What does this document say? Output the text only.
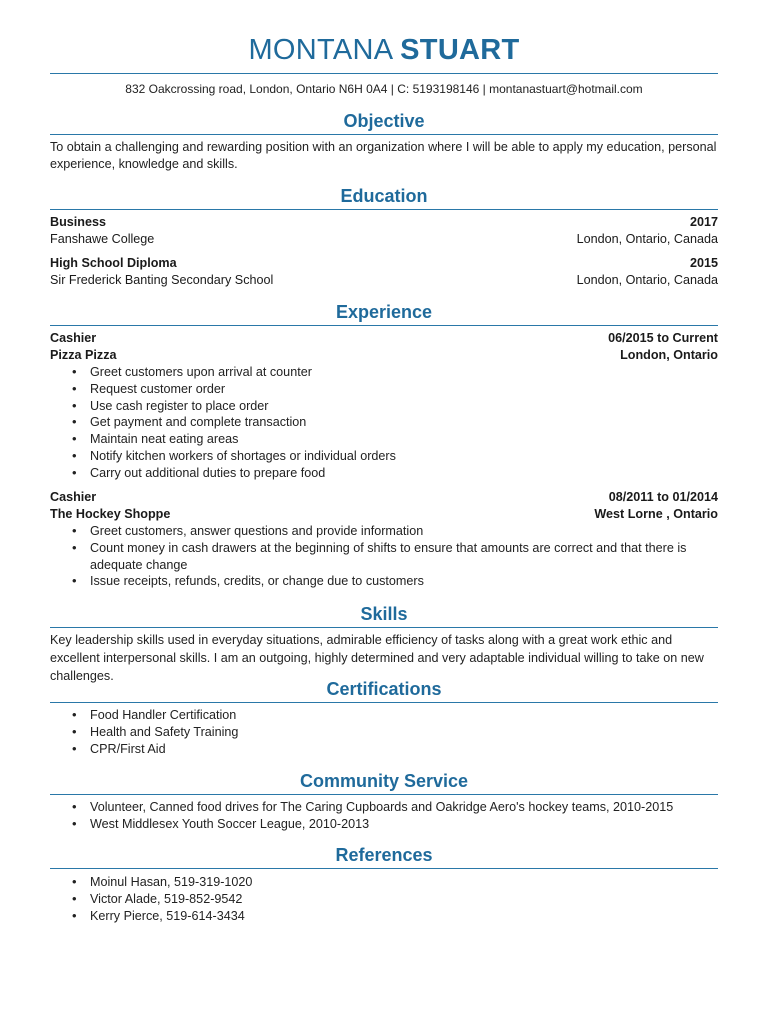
MONTANA STUART
832 Oakcrossing road, London, Ontario N6H 0A4 | C: 5193198146 | montanastuart@hotmail.com
Objective
To obtain a challenging and rewarding position with an organization where I will be able to apply my education, personal experience, knowledge and skills.
Education
Business	2017
Fanshawe College	London, Ontario, Canada
High School Diploma	2015
Sir Frederick Banting Secondary School	London, Ontario, Canada
Experience
Cashier	06/2015 to Current
Pizza Pizza	London, Ontario
• Greet customers upon arrival at counter
• Request customer order
• Use cash register to place order
• Get payment and complete transaction
• Maintain neat eating areas
• Notify kitchen workers of shortages or individual orders
• Carry out additional duties to prepare food
Cashier	08/2011 to 01/2014
The Hockey Shoppe	West Lorne , Ontario
• Greet customers, answer questions and provide information
• Count money in cash drawers at the beginning of shifts to ensure that amounts are correct and that there is adequate change
• Issue receipts, refunds, credits, or change due to customers
Skills
Key leadership skills used in everyday situations, admirable efficiency of tasks along with a great work ethic and excellent interpersonal skills. I am an outgoing, highly determined and very adaptable individual willing to take on new challenges.
Certifications
• Food Handler Certification
• Health and Safety Training
• CPR/First Aid
Community Service
• Volunteer, Canned food drives for The Caring Cupboards and Oakridge Aero's hockey teams, 2010-2015
• West Middlesex Youth Soccer League, 2010-2013
References
• Moinul Hasan, 519-319-1020
• Victor Alade, 519-852-9542
• Kerry Pierce, 519-614-3434
